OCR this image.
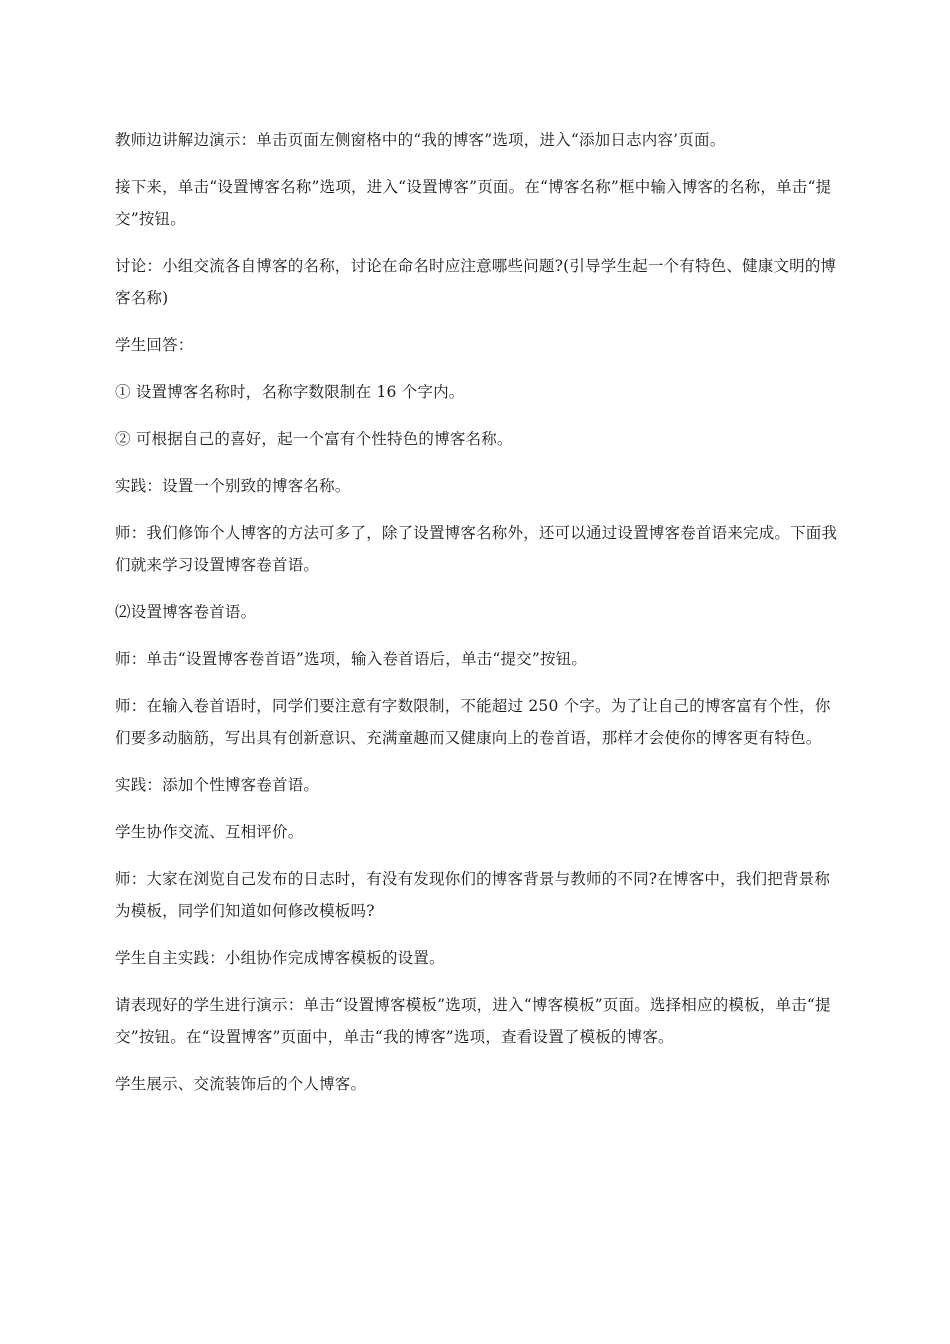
教师边讲解边演示：单击页面左侧窗格中的“我的博客”选项，进入“添加日志内容’页面。

接下来，单击“设置博客名称”选项，进入“设置博客”页面。在“博客名称”框中输入博客的名称，单击“提交”按钮。

讨论：小组交流各自博客的名称，讨论在命名时应注意哪些问题?(引导学生起一个有特色、健康文明的博客名称)

学生回答：

① 设置博客名称时，名称字数限制在 16 个字内。

② 可根据自己的喜好，起一个富有个性特色的博客名称。

实践：设置一个别致的博客名称。

师：我们修饰个人博客的方法可多了，除了设置博客名称外，还可以通过设置博客卷首语来完成。下面我们就来学习设置博客卷首语。

⑵设置博客卷首语。

师：单击“设置博客卷首语”选项，输入卷首语后，单击“提交”按钮。

师：在输入卷首语时，同学们要注意有字数限制，不能超过 250 个字。为了让自己的博客富有个性，你们要多动脑筋，写出具有创新意识、充满童趣而又健康向上的卷首语，那样才会使你的博客更有特色。

实践：添加个性博客卷首语。

学生协作交流、互相评价。

师：大家在浏览自己发布的日志时，有没有发现你们的博客背景与教师的不同?在博客中，我们把背景称为模板，同学们知道如何修改模板吗?

学生自主实践：小组协作完成博客模板的设置。

请表现好的学生进行演示：单击“设置博客模板”选项，进入“博客模板”页面。选择相应的模板，单击“提交”按钮。在“设置博客”页面中，单击“我的博客”选项，查看设置了模板的博客。

学生展示、交流装饰后的个人博客。
